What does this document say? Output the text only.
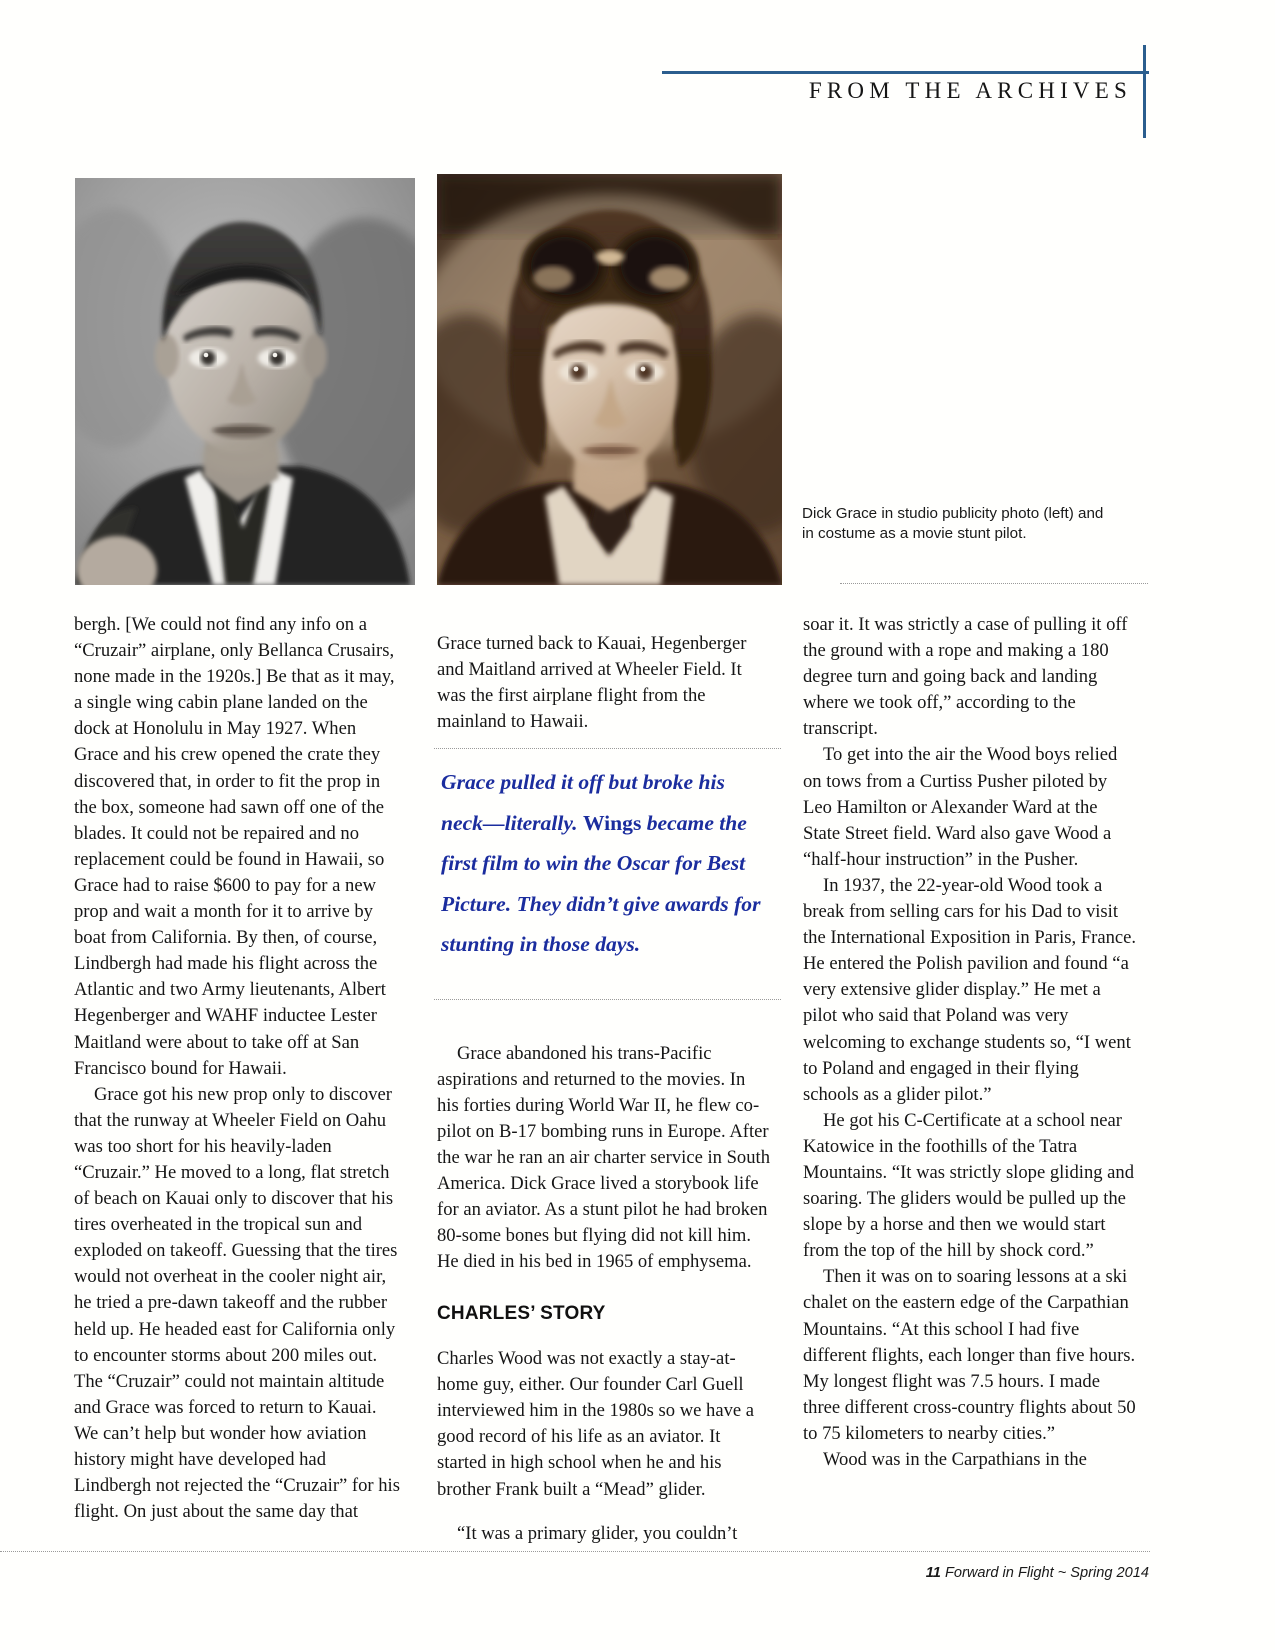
FROM THE ARCHIVES
Dick Grace in studio publicity photo (left) and in costume as a movie stunt pilot.

bergh. [We could not find any info on a “Cruzair” airplane, only Bellanca Crusairs, none made in the 1920s.] Be that as it may, a single wing cabin plane landed on the dock at Honolulu in May 1927. When Grace and his crew opened the crate they discovered that, in order to fit the prop in the box, someone had sawn off one of the blades. It could not be repaired and no replacement could be found in Hawaii, so Grace had to raise $600 to pay for a new prop and wait a month for it to arrive by boat from California. By then, of course, Lindbergh had made his flight across the Atlantic and two Army lieutenants, Albert Hegenberger and WAHF inductee Lester Maitland were about to take off at San Francisco bound for Hawaii.

Grace got his new prop only to discover that the runway at Wheeler Field on Oahu was too short for his heavily-laden “Cruzair.” He moved to a long, flat stretch of beach on Kauai only to discover that his tires overheated in the tropical sun and exploded on takeoff. Guessing that the tires would not overheat in the cooler night air, he tried a pre-dawn takeoff and the rubber held up. He headed east for California only to encounter storms about 200 miles out. The “Cruzair” could not maintain altitude and Grace was forced to return to Kauai. We can’t help but wonder how aviation history might have developed had Lindbergh not rejected the “Cruzair” for his flight. On just about the same day that

Grace turned back to Kauai, Hegenberger and Maitland arrived at Wheeler Field. It was the first airplane flight from the mainland to Hawaii.

Grace pulled it off but broke his neck—literally. Wings became the first film to win the Oscar for Best Picture. They didn’t give awards for stunting in those days.

Grace abandoned his trans-Pacific aspirations and returned to the movies. In his forties during World War II, he flew co-pilot on B-17 bombing runs in Europe. After the war he ran an air charter service in South America. Dick Grace lived a storybook life for an aviator. As a stunt pilot he had broken 80-some bones but flying did not kill him. He died in his bed in 1965 of emphysema.

CHARLES’ STORY

Charles Wood was not exactly a stay-at-home guy, either. Our founder Carl Guell interviewed him in the 1980s so we have a good record of his life as an aviator. It started in high school when he and his brother Frank built a “Mead” glider.

“It was a primary glider, you couldn’t

soar it. It was strictly a case of pulling it off the ground with a rope and making a 180 degree turn and going back and landing where we took off,” according to the transcript.

To get into the air the Wood boys relied on tows from a Curtiss Pusher piloted by Leo Hamilton or Alexander Ward at the State Street field. Ward also gave Wood a “half-hour instruction” in the Pusher.

In 1937, the 22-year-old Wood took a break from selling cars for his Dad to visit the International Exposition in Paris, France. He entered the Polish pavilion and found “a very extensive glider display.” He met a pilot who said that Poland was very welcoming to exchange students so, “I went to Poland and engaged in their flying schools as a glider pilot.”

He got his C-Certificate at a school near Katowice in the foothills of the Tatra Mountains. “It was strictly slope gliding and soaring. The gliders would be pulled up the slope by a horse and then we would start from the top of the hill by shock cord.”

Then it was on to soaring lessons at a ski chalet on the eastern edge of the Carpathian Mountains. “At this school I had five different flights, each longer than five hours. My longest flight was 7.5 hours. I made three different cross-country flights about 50 to 75 kilometers to nearby cities.”

Wood was in the Carpathians in the

11 Forward in Flight ~ Spring 2014
